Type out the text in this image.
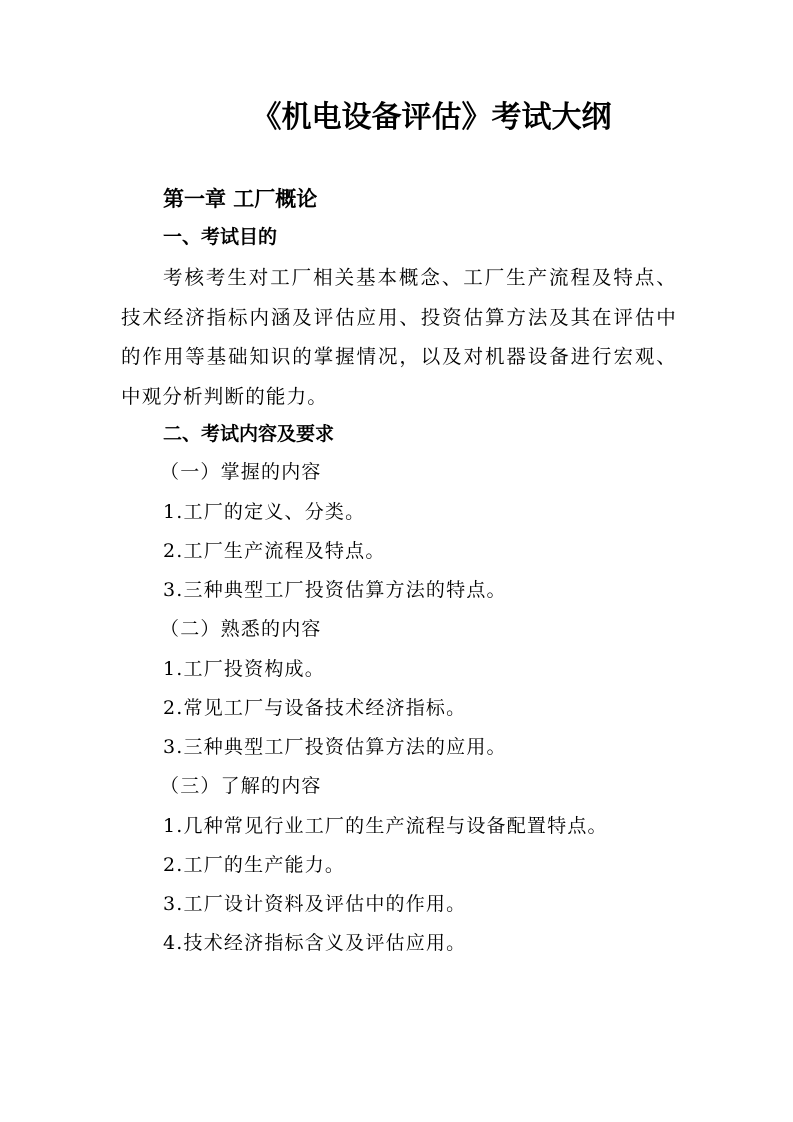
《机电设备评估》考试大纲
第一章 工厂概论
一、考试目的

考核考生对工厂相关基本概念、工厂生产流程及特点、技术经济指标内涵及评估应用、投资估算方法及其在评估中的作用等基础知识的掌握情况，以及对机器设备进行宏观、中观分析判断的能力。

二、考试内容及要求
（一）掌握的内容
1.工厂的定义、分类。
2.工厂生产流程及特点。
3.三种典型工厂投资估算方法的特点。
（二）熟悉的内容
1.工厂投资构成。
2.常见工厂与设备技术经济指标。
3.三种典型工厂投资估算方法的应用。
（三）了解的内容
1.几种常见行业工厂的生产流程与设备配置特点。
2.工厂的生产能力。
3.工厂设计资料及评估中的作用。
4.技术经济指标含义及评估应用。
